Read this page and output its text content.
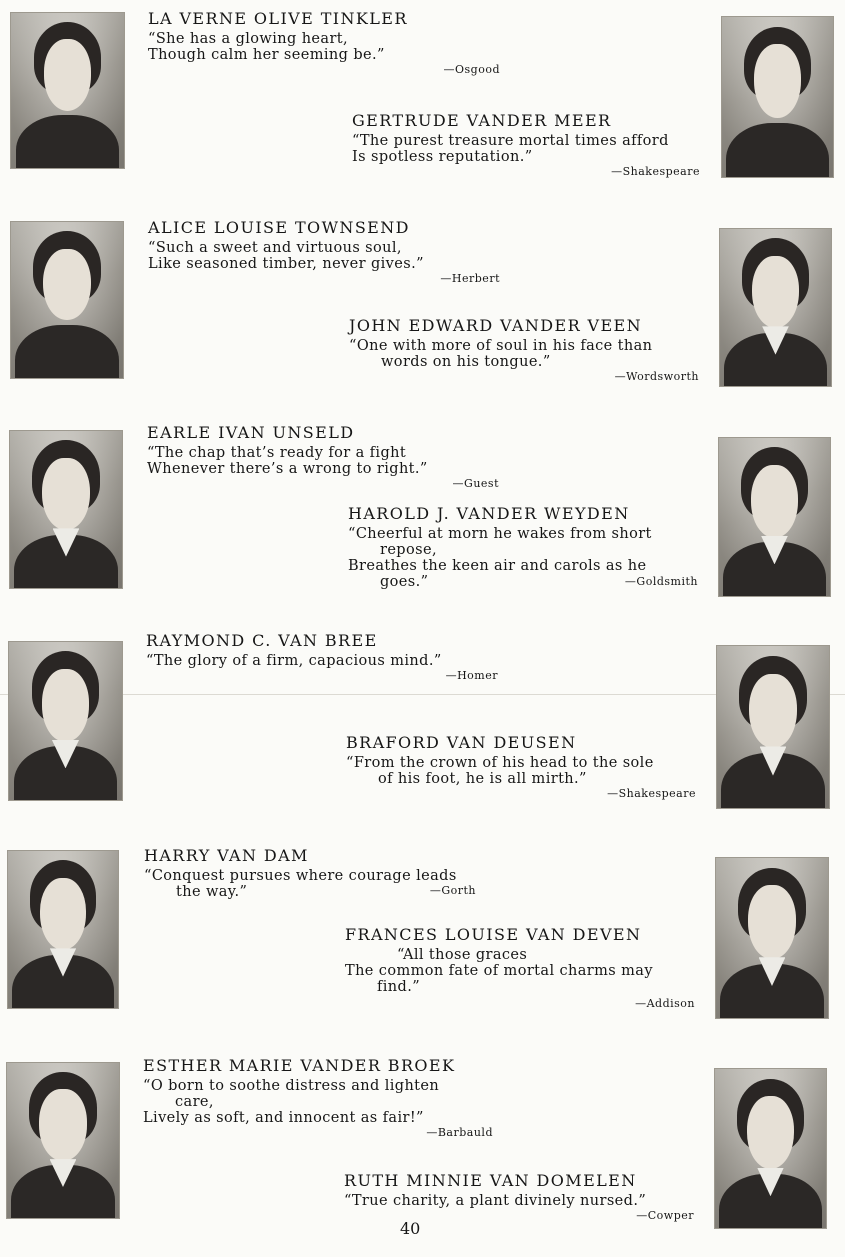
LA VERNE OLIVE TINKLER
“She has a glowing heart,
Though calm her seeming be.”
—Osgood
GERTRUDE VANDER MEER
“The purest treasure mortal times afford
Is spotless reputation.”
—Shakespeare
ALICE LOUISE TOWNSEND
“Such a sweet and virtuous soul,
Like seasoned timber, never gives.”
—Herbert
JOHN EDWARD VANDER VEEN
“One with more of soul in his face than
words on his tongue.”
—Wordsworth
EARLE IVAN UNSELD
“The chap that’s ready for a fight
Whenever there’s a wrong to right.”
—Guest
HAROLD J. VANDER WEYDEN
“Cheerful at morn he wakes from short
repose,
Breathes the keen air and carols as he
goes.”	—Goldsmith
RAYMOND C. VAN BREE
“The glory of a firm, capacious mind.”
—Homer
BRAFORD VAN DEUSEN
“From the crown of his head to the sole
of his foot, he is all mirth.”
—Shakespeare
HARRY VAN DAM
“Conquest pursues where courage leads
the way.”	—Gorth
FRANCES LOUISE VAN DEVEN
“All those graces
The common fate of mortal charms may
find.”
—Addison
ESTHER MARIE VANDER BROEK
“O born to soothe distress and lighten
care,
Lively as soft, and innocent as fair!”
—Barbauld
RUTH MINNIE VAN DOMELEN
“True charity, a plant divinely nursed.”
—Cowper
40
